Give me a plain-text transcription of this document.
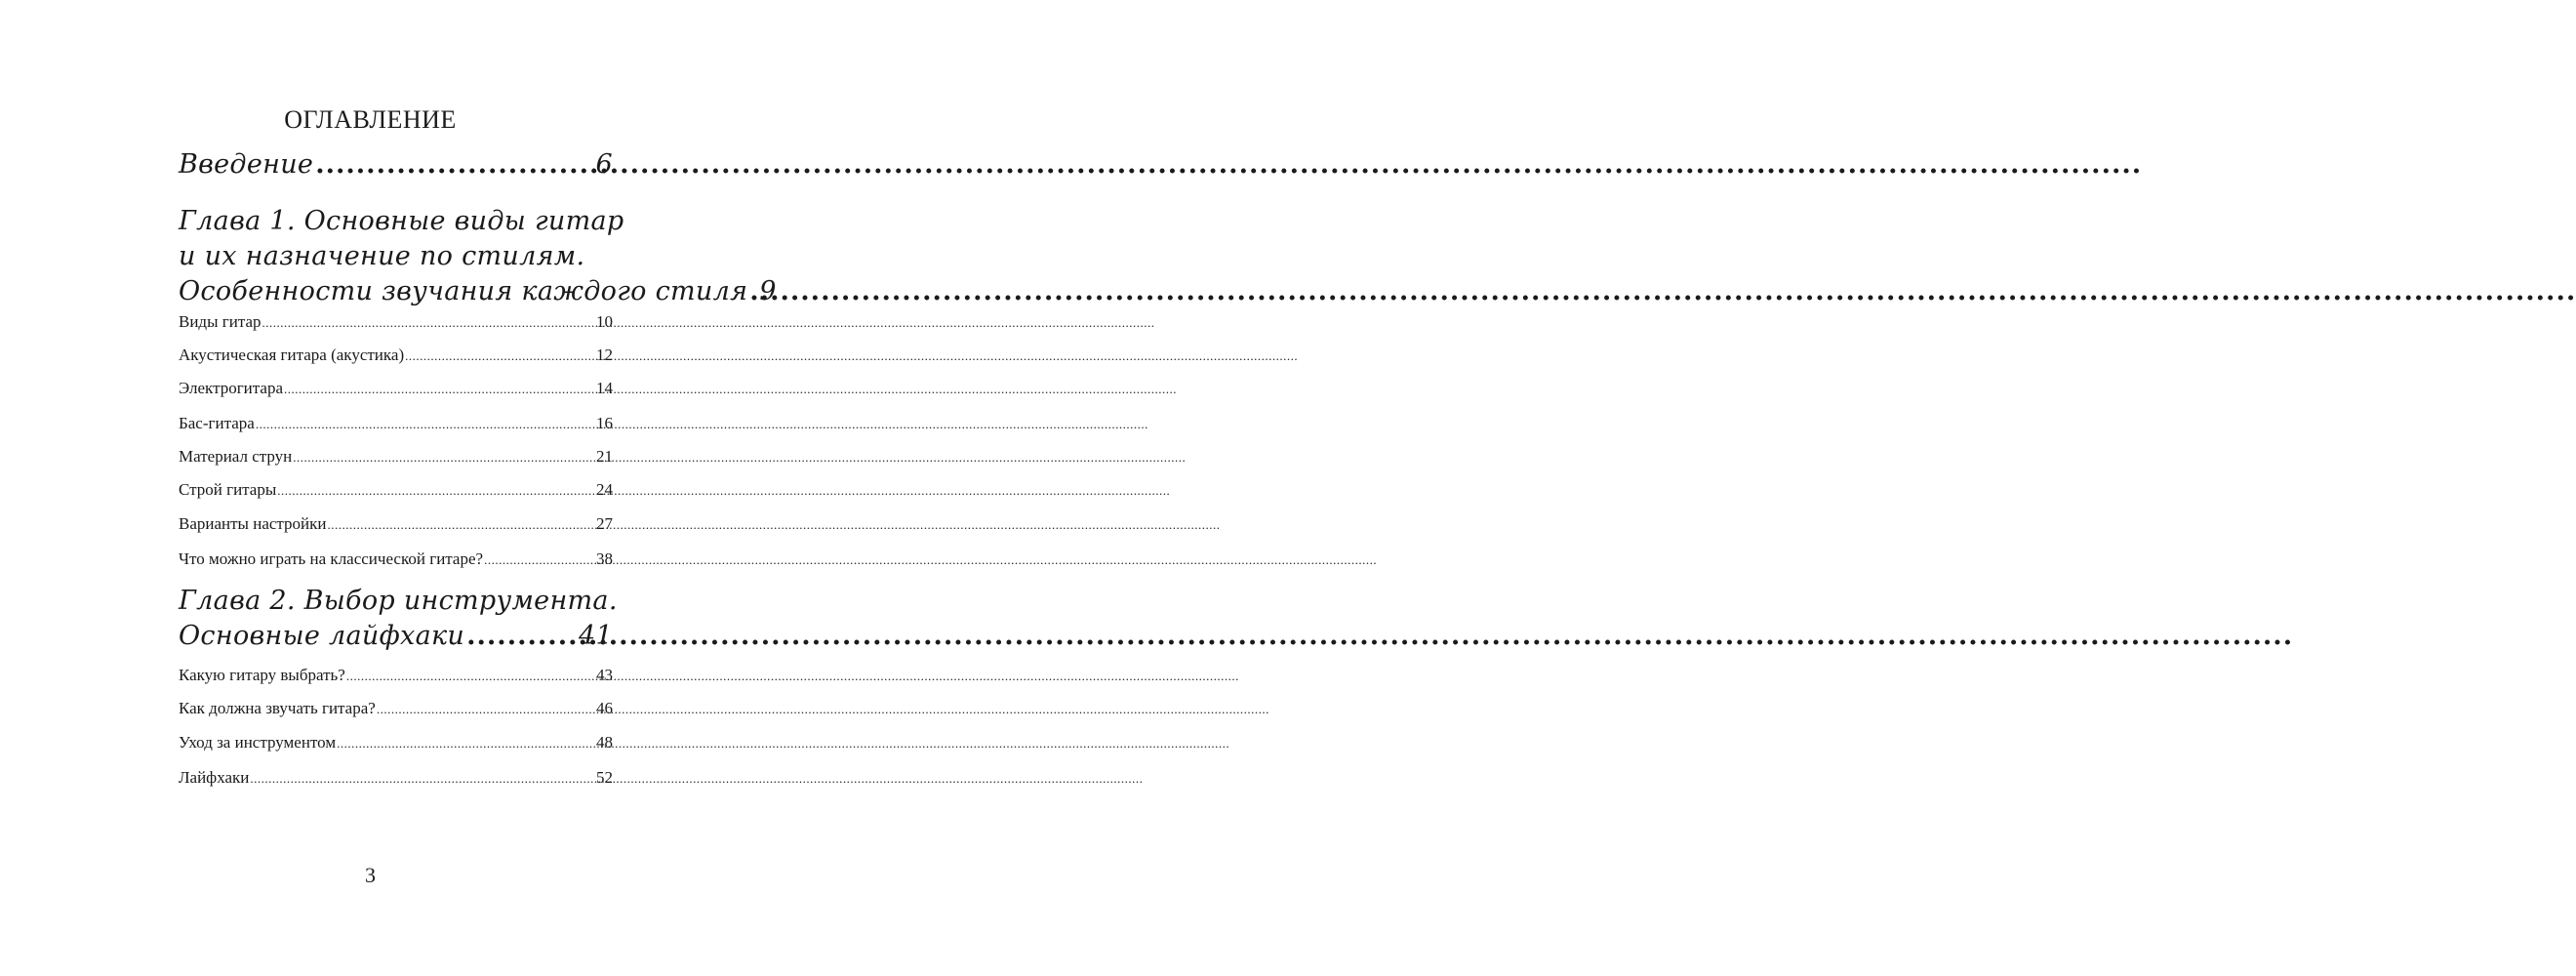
ОГЛАВЛЕНИЕ
Введение .....	6
Глава 1. Основные виды гитар
и их назначение по стилям.
Особенности звучания каждого стиля ..... 9
Виды гитар .....	10
Акустическая гитара (акустика) .....	12
Электрогитара .....	14
Бас-гитара .....	16
Материал струн .....	21
Строй гитары .....	24
Варианты настройки .....	27
Что можно играть на классической гитаре? .....	38
Глава 2. Выбор инструмента.
Основные лайфхаки .....	41
Какую гитару выбрать? .....	43
Как должна звучать гитара? .....	46
Уход за инструментом .....	48
Лайфхаки .....	52
3
